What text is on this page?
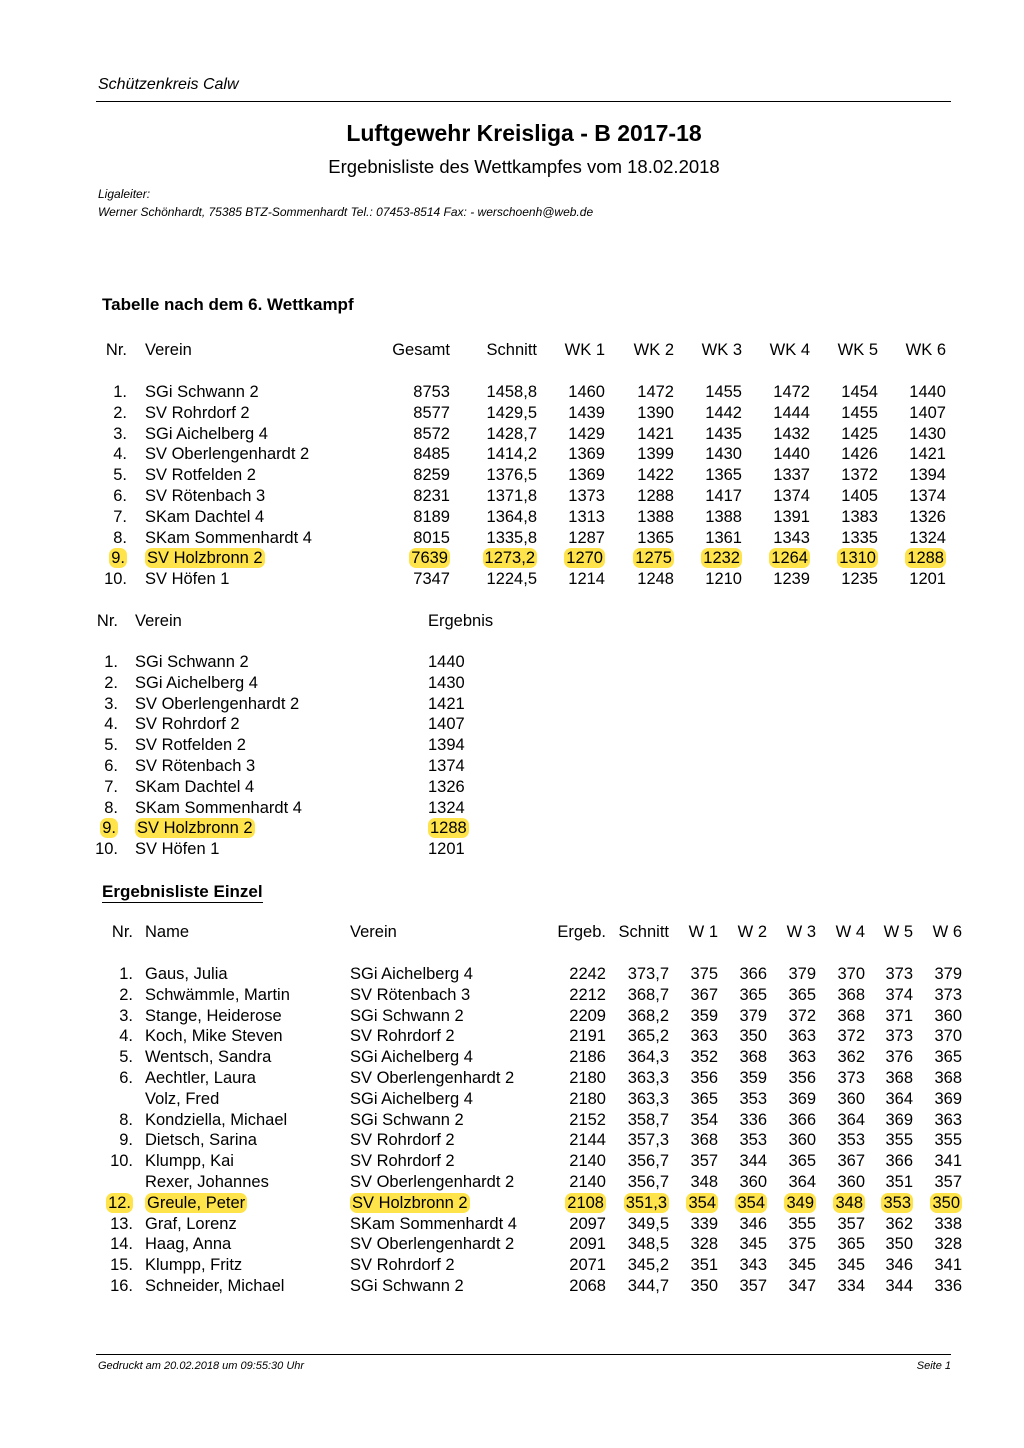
Schützenkreis Calw
Luftgewehr Kreisliga - B 2017-18
Ergebnisliste des Wettkampfes vom 18.02.2018
Ligaleiter:
Werner Schönhardt, 75385 BTZ-Sommenhardt Tel.: 07453-8514 Fax: - werschoenh@web.de
Tabelle nach dem 6. Wettkampf
Nr. Verein	Gesamt Schnitt WK 1 WK 2 WK 3 WK 4 WK 5 WK 6
1. SGi Schwann 2	8753 1458,8 1460 1472 1455 1472 1454 1440
2. SV Rohrdorf 2	8577 1429,5 1439 1390 1442 1444 1455 1407
3. SGi Aichelberg 4	8572 1428,7 1429 1421 1435 1432 1425 1430
4. SV Oberlengenhardt 2	8485 1414,2 1369 1399 1430 1440 1426 1421
5. SV Rotfelden 2	8259 1376,5 1369 1422 1365 1337 1372 1394
6. SV Rötenbach 3	8231 1371,8 1373 1288 1417 1374 1405 1374
7. SKam Dachtel 4	8189 1364,8 1313 1388 1388 1391 1383 1326
8. SKam Sommenhardt 4	8015 1335,8 1287 1365 1361 1343 1335 1324
9. SV Holzbronn 2	7639 1273,2 1270 1275 1232 1264 1310 1288
10. SV Höfen 1	7347 1224,5 1214 1248 1210 1239 1235 1201
Nr. Verein	Ergebnis
1. SGi Schwann 2	1440
2. SGi Aichelberg 4	1430
3. SV Oberlengenhardt 2	1421
4. SV Rohrdorf 2	1407
5. SV Rotfelden 2	1394
6. SV Rötenbach 3	1374
7. SKam Dachtel 4	1326
8. SKam Sommenhardt 4	1324
9. SV Holzbronn 2	1288
10. SV Höfen 1	1201
Ergebnisliste Einzel
Nr. Name	Verein	Ergeb. Schnitt W 1 W 2 W 3 W 4 W 5 W 6
1. Gaus, Julia	SGi Aichelberg 4	2242 373,7 375 366 379 370 373 379
2. Schwämmle, Martin	SV Rötenbach 3	2212 368,7 367 365 365 368 374 373
3. Stange, Heiderose	SGi Schwann 2	2209 368,2 359 379 372 368 371 360
4. Koch, Mike Steven	SV Rohrdorf 2	2191 365,2 363 350 363 372 373 370
5. Wentsch, Sandra	SGi Aichelberg 4	2186 364,3 352 368 363 362 376 365
6. Aechtler, Laura	SV Oberlengenhardt 2	2180 363,3 356 359 356 373 368 368
Volz, Fred	SGi Aichelberg 4	2180 363,3 365 353 369 360 364 369
8. Kondziella, Michael	SGi Schwann 2	2152 358,7 354 336 366 364 369 363
9. Dietsch, Sarina	SV Rohrdorf 2	2144 357,3 368 353 360 353 355 355
10. Klumpp, Kai	SV Rohrdorf 2	2140 356,7 357 344 365 367 366 341
Rexer, Johannes	SV Oberlengenhardt 2	2140 356,7 348 360 364 360 351 357
12. Greule, Peter	SV Holzbronn 2	2108 351,3 354 354 349 348 353 350
13. Graf, Lorenz	SKam Sommenhardt 4	2097 349,5 339 346 355 357 362 338
14. Haag, Anna	SV Oberlengenhardt 2	2091 348,5 328 345 375 365 350 328
15. Klumpp, Fritz	SV Rohrdorf 2	2071 345,2 351 343 345 345 346 341
16. Schneider, Michael	SGi Schwann 2	2068 344,7 350 357 347 334 344 336
Gedruckt am 20.02.2018 um 09:55:30 Uhr	Seite 1
